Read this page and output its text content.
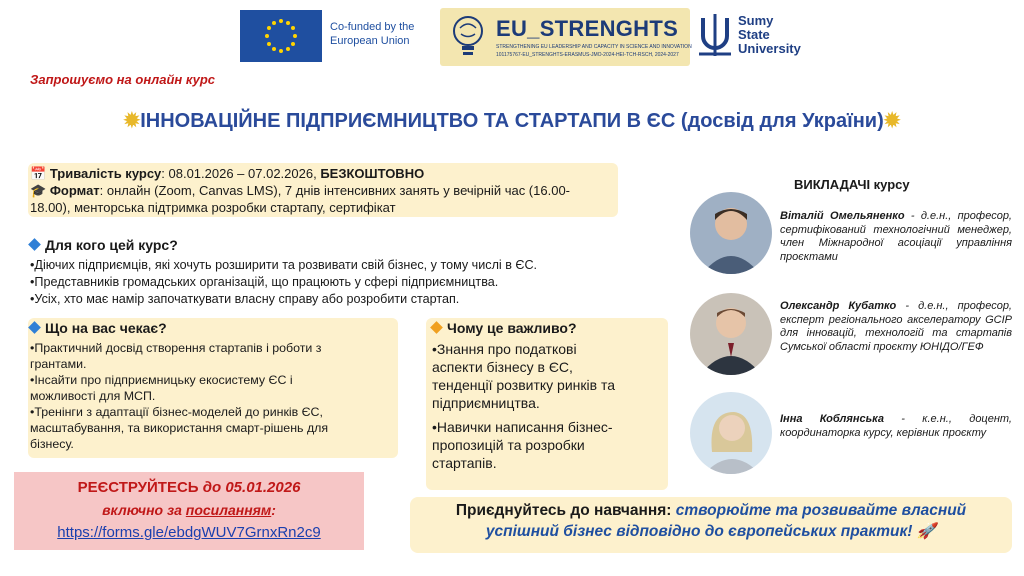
Co-funded by the
European Union	EU_STRENGHTS
STRENGTHENING EU LEADERSHIP AND CAPACITY IN SCIENCE AND INNOVATION
101175767-EU_STRENGHTS-ERASMUS-JMO-2024-HEI-TCH-RSCH, 2024-2027
Sumy
State
University
Запрошуємо на онлайн курс
✹ІННОВАЦІЙНЕ ПІДПРИЄМНИЦТВО ТА СТАРТАПИ В ЄС (досвід для України)✹
📅 Тривалість курсу: 08.01.2026 – 07.02.2026, БЕЗКОШТОВНО
🎓 Формат: онлайн (Zoom, Canvas LMS), 7 днів інтенсивних занять у вечірній час (16.00-
18.00), менторська підтримка розробки стартапу, сертифікат
Для кого цей курс?
•Діючих підприємців, які хочуть розширити та розвивати свій бізнес, у тому числі в ЄС.
•Представників громадських організацій, що працюють у сфері підприємництва.
•Усіх, хто має намір започаткувати власну справу або розробити стартап.
Що на вас чекає?
•Практичний досвід створення стартапів і роботи з
грантами.
•Інсайти про підприємницьку екосистему ЄС і
можливості для МСП.
•Тренінги з адаптації бізнес-моделей до ринків ЄС,
масштабування, та використання смарт-рішень для
бізнесу.
Чому це важливо?
•Знання про податкові
аспекти бізнесу в ЄС,
тенденції розвитку ринків та
підприємництва.
•Навички написання бізнес-
пропозицій та розробки
стартапів.
РЕЄСТРУЙТЕСЬ до 05.01.2026
включно за посиланням:
https://forms.gle/ebdgWUV7GrnxRn2c9
Приєднуйтесь до навчання: створюйте та розвивайте власний
успішний бізнес відповідно до європейських практик! 🚀
ВИКЛАДАЧІ курсу
Віталій Омельяненко - д.е.н., професор, сертифікований технологічний менеджер, член Міжнародної асоціації управління проєктами
Олександр Кубатко - д.е.н., професор, експерт регіонального акселератору GCIP для інновацій, технологій та стартапів Сумської області проєкту ЮНІДО/ГЕФ
Інна Коблянська - к.е.н., доцент, координаторка курсу, керівник проєкту
